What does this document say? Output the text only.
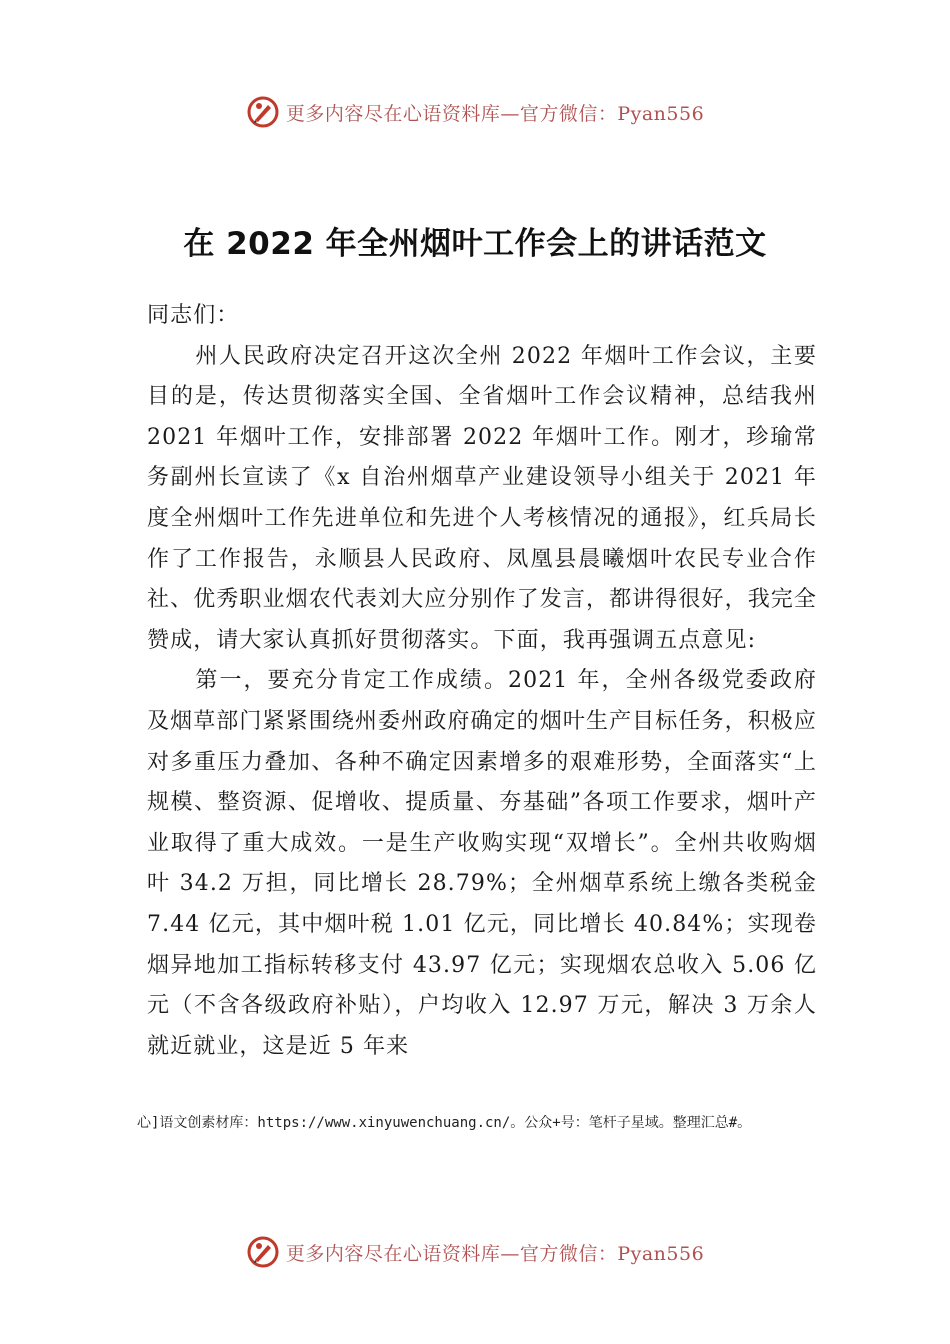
更多内容尽在心语资料库—官方微信：Pyan556
在 2022 年全州烟叶工作会上的讲话范文

同志们：

州人民政府决定召开这次全州 2022 年烟叶工作会议，主要目的是，传达贯彻落实全国、全省烟叶工作会议精神，总结我州 2021 年烟叶工作，安排部署 2022 年烟叶工作。刚才，珍瑜常务副州长宣读了《x 自治州烟草产业建设领导小组关于 2021 年度全州烟叶工作先进单位和先进个人考核情况的通报》，红兵局长作了工作报告，永顺县人民政府、凤凰县晨曦烟叶农民专业合作社、优秀职业烟农代表刘大应分别作了发言，都讲得很好，我完全赞成，请大家认真抓好贯彻落实。下面，我再强调五点意见:

第一，要充分肯定工作成绩。2021 年，全州各级党委政府及烟草部门紧紧围绕州委州政府确定的烟叶生产目标任务，积极应对多重压力叠加、各种不确定因素增多的艰难形势，全面落实“上规模、整资源、促增收、提质量、夯基础”各项工作要求，烟叶产业取得了重大成效。一是生产收购实现“双增长”。全州共收购烟叶 34.2 万担，同比增长 28.79%；全州烟草系统上缴各类税金 7.44 亿元，其中烟叶税 1.01 亿元，同比增长 40.84%；实现卷烟异地加工指标转移支付 43.97 亿元；实现烟农总收入 5.06 亿元（不含各级政府补贴），户均收入 12.97 万元，解决 3 万余人就近就业，这是近 5 年来

心]语文创素材库：https://www.xinyuwenchuang.cn/。公众+号：笔杆子星域。整理汇总#。
更多内容尽在心语资料库—官方微信：Pyan556
